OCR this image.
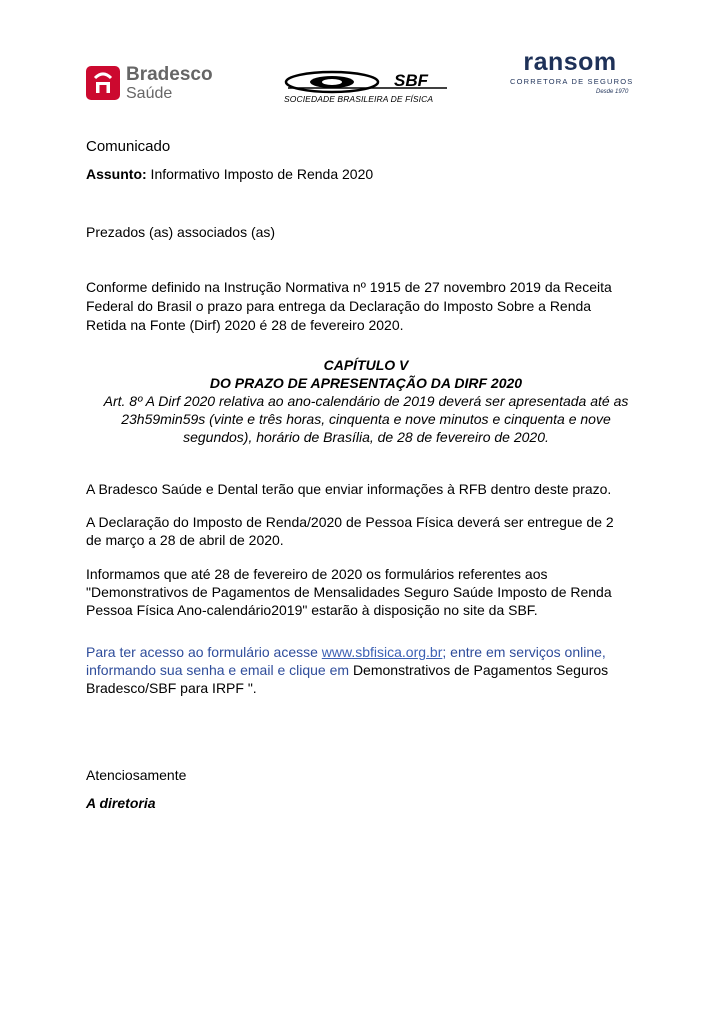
Bradesco
Saúde
SBF
SOCIEDADE BRASILEIRA DE FÍSICA
ransom
CORRETORA DE SEGUROS
Desde 1970
Comunicado
Assunto: Informativo Imposto de Renda 2020
Prezados (as) associados (as)
Conforme definido na Instrução Normativa nº 1915 de 27 novembro 2019 da Receita
Federal do Brasil o prazo para entrega da Declaração do Imposto Sobre a Renda
Retida na Fonte (Dirf) 2020 é 28 de fevereiro 2020.
CAPÍTULO V
DO PRAZO DE APRESENTAÇÃO DA DIRF 2020
Art. 8º A Dirf 2020 relativa ao ano-calendário de 2019 deverá ser apresentada até as
23h59min59s (vinte e três horas, cinquenta e nove minutos e cinquenta e nove
segundos), horário de Brasília, de 28 de fevereiro de 2020.
A Bradesco Saúde e Dental terão que enviar informações à RFB dentro deste prazo.
A Declaração do Imposto de Renda/2020 de Pessoa Física deverá ser entregue de 2
de março a 28 de abril de 2020.
Informamos que até 28 de fevereiro de 2020 os formulários referentes aos
"Demonstrativos de Pagamentos de Mensalidades Seguro Saúde Imposto de Renda
Pessoa Física Ano-calendário2019" estarão à disposição no site da SBF.
Para ter acesso ao formulário acesse www.sbfisica.org.br; entre em serviços online,
informando sua senha e email e clique em Demonstrativos de Pagamentos Seguros
Bradesco/SBF para IRPF ".
Atenciosamente
A diretoria
